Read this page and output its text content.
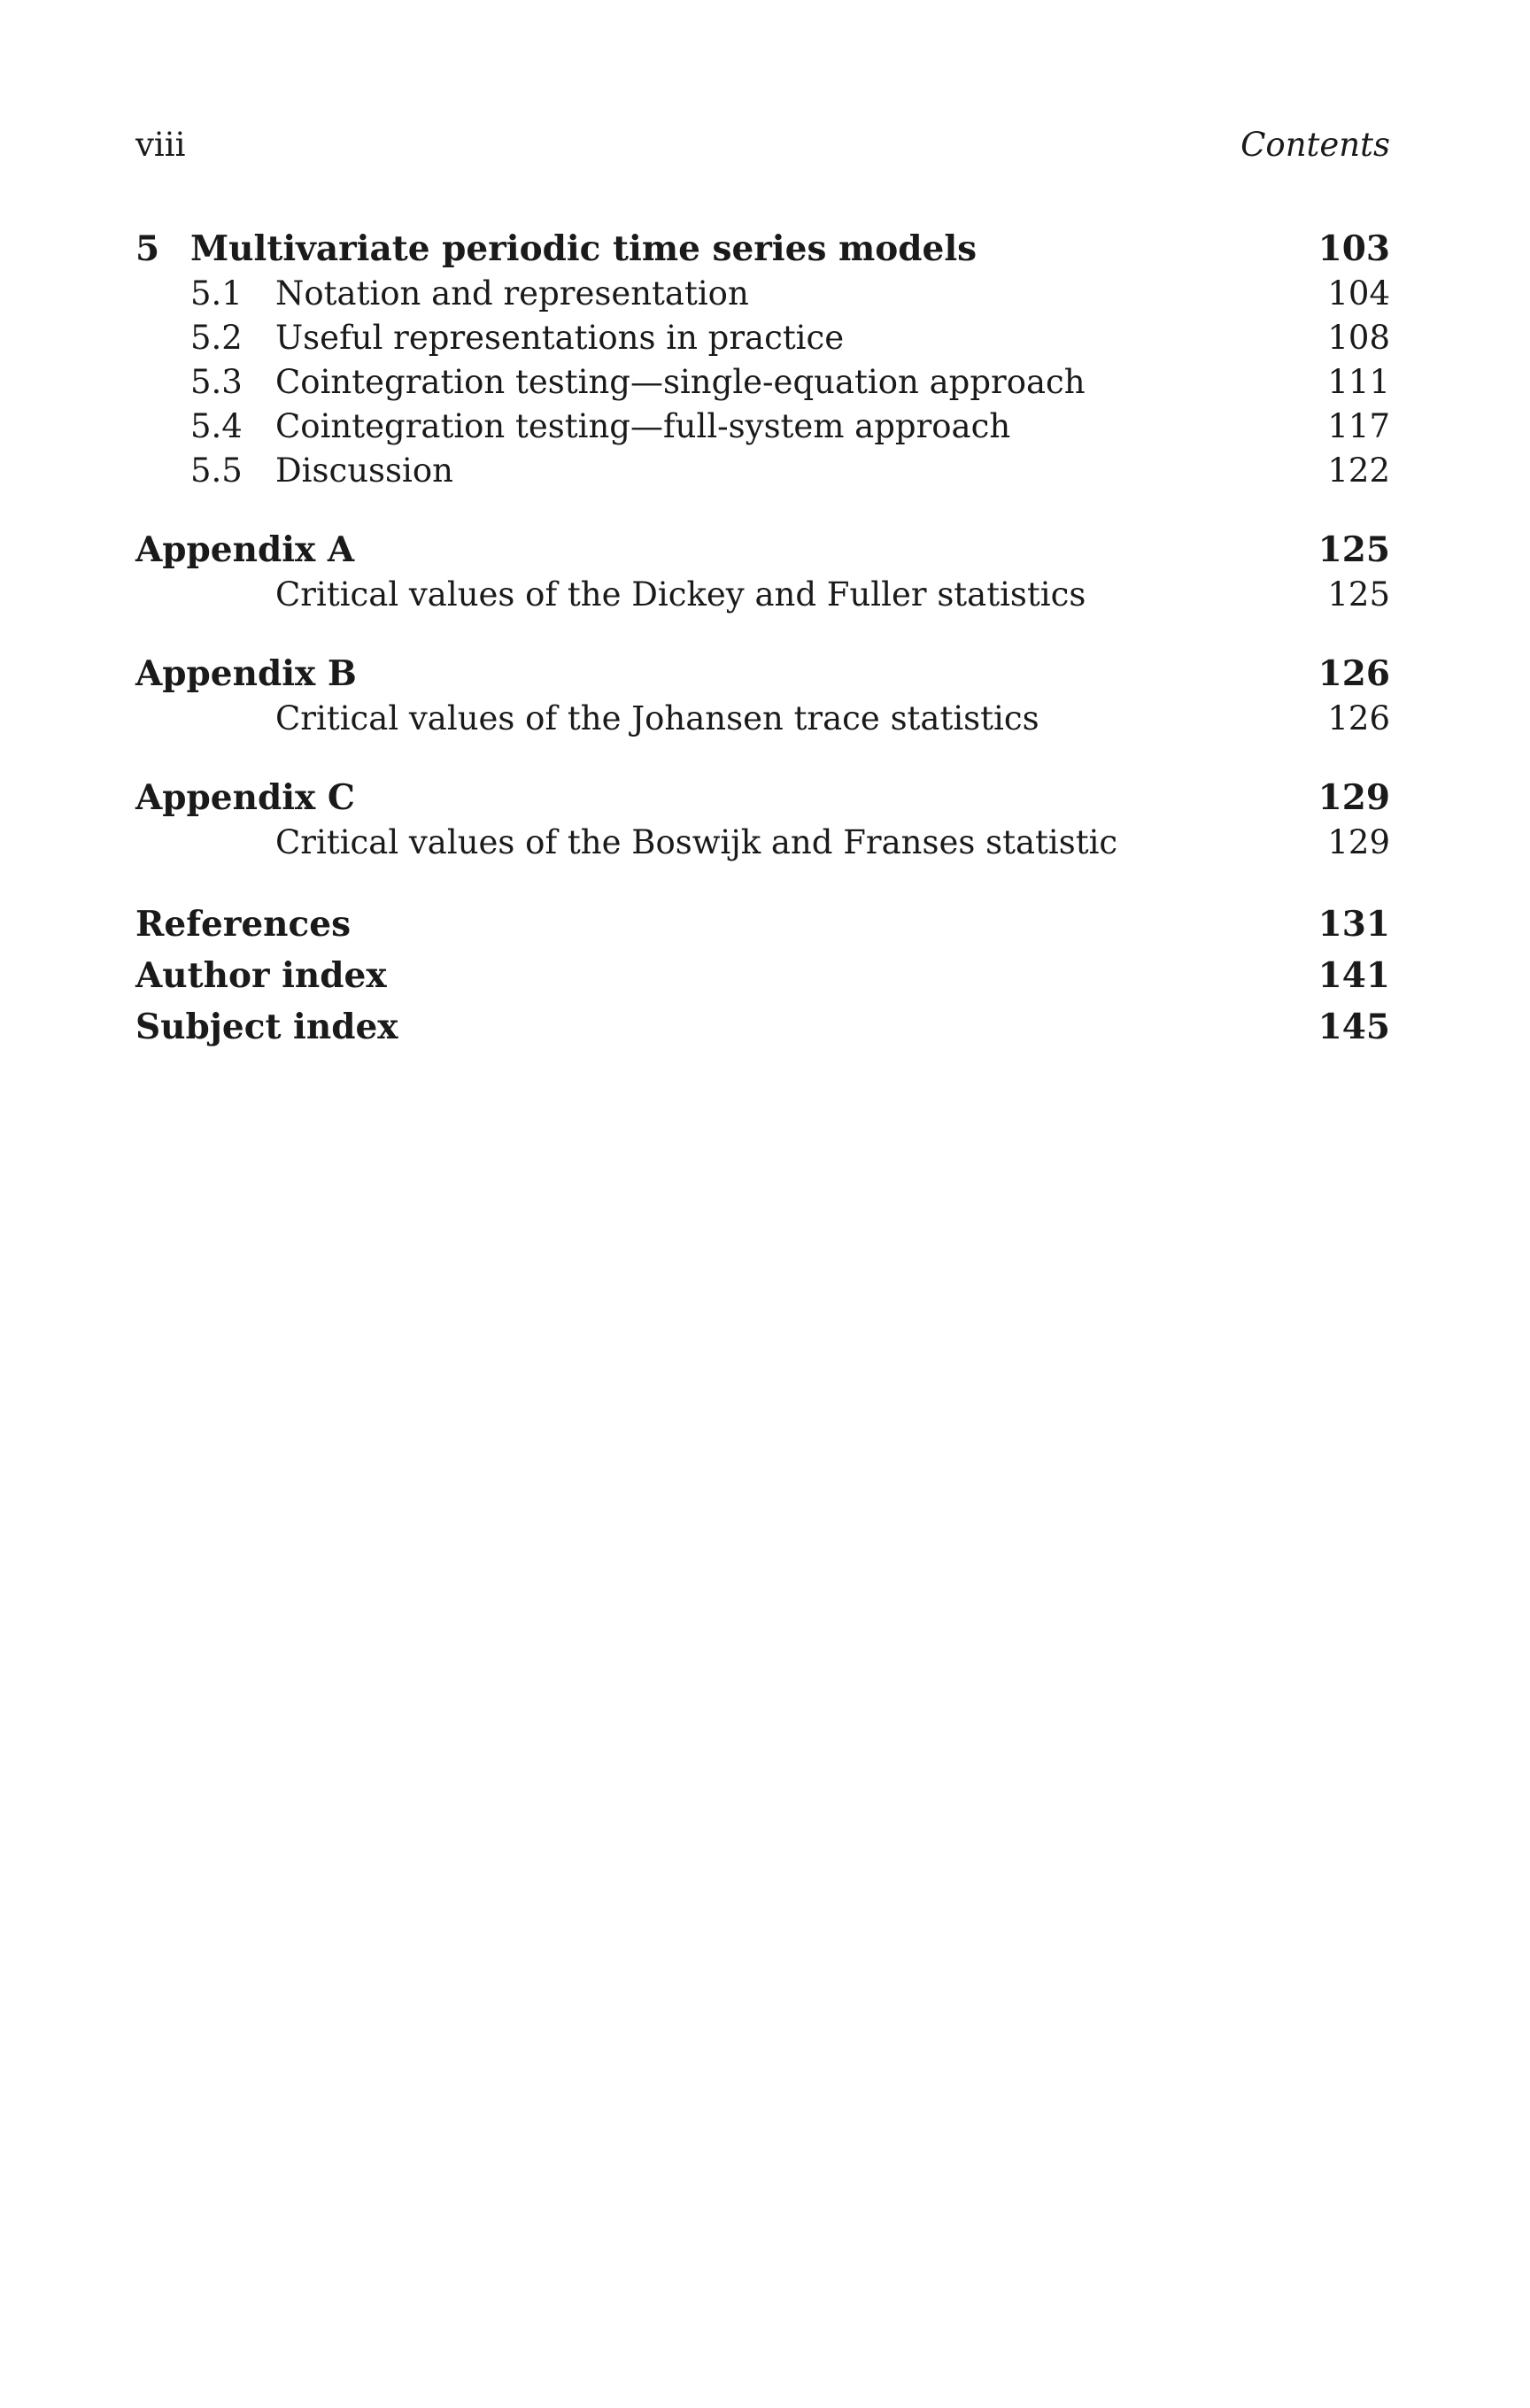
viii	Contents
5 Multivariate periodic time series models	103
5.1	Notation and representation	104
5.2	Useful representations in practice	108
5.3	Cointegration testing—single-equation approach	111
5.4	Cointegration testing—full-system approach	117
5.5	Discussion	122
Appendix A	125
Critical values of the Dickey and Fuller statistics	125
Appendix B	126
Critical values of the Johansen trace statistics	126
Appendix C	129
Critical values of the Boswijk and Franses statistic	129
References	131
Author index	141
Subject index	145
